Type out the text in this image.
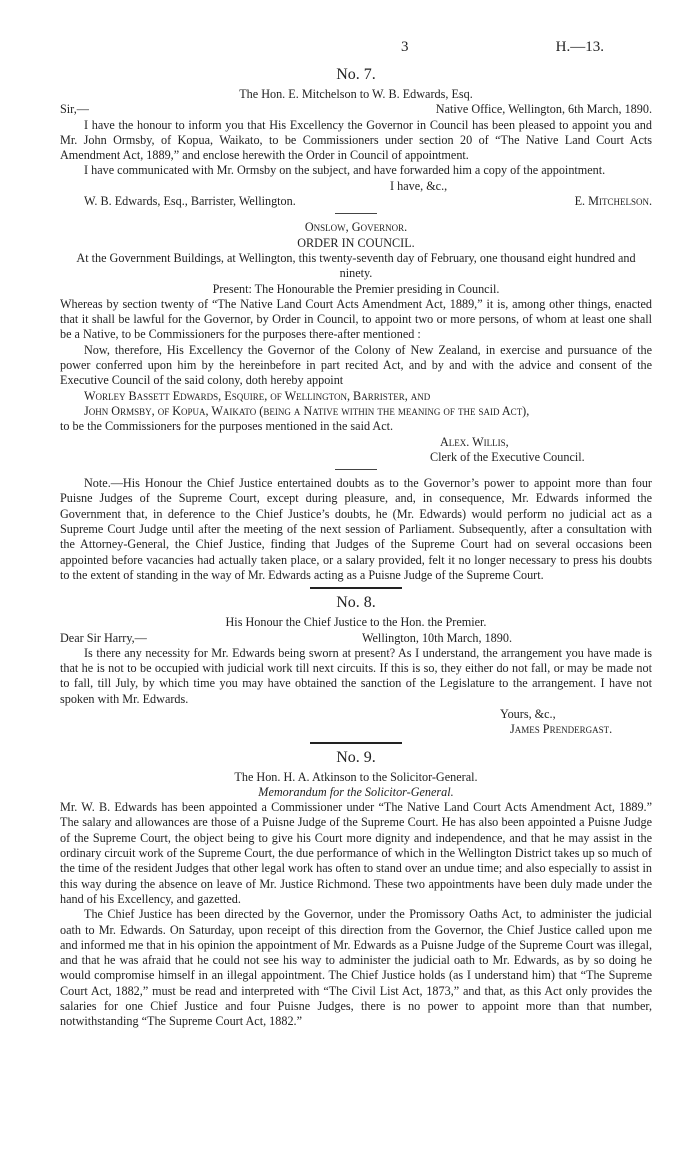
3	H.—13.
No. 7.

The Hon. E. Mitchelson to W. B. Edwards, Esq.

Sir,—	Native Office, Wellington, 6th March, 1890.

I have the honour to inform you that His Excellency the Governor in Council has been pleased to appoint you and Mr. John Ormsby, of Kopua, Waikato, to be Commissioners under section 20 of “The Native Land Court Acts Amendment Act, 1889,” and enclose herewith the Order in Council of appointment.

I have communicated with Mr. Ormsby on the subject, and have forwarded him a copy of the appointment.

I have, &c.,

W. B. Edwards, Esq., Barrister, Wellington.	E. Mitchelson.

Onslow, Governor.

ORDER IN COUNCIL.

At the Government Buildings, at Wellington, this twenty-seventh day of February, one thousand eight hundred and ninety.

Present: The Honourable the Premier presiding in Council.

Whereas by section twenty of “The Native Land Court Acts Amendment Act, 1889,” it is, among other things, enacted that it shall be lawful for the Governor, by Order in Council, to appoint two or more persons, of whom at least one shall be a Native, to be Commissioners for the purposes there-after mentioned :

Now, therefore, His Excellency the Governor of the Colony of New Zealand, in exercise and pursuance of the power conferred upon him by the hereinbefore in part recited Act, and by and with the advice and consent of the Executive Council of the said colony, doth hereby appoint

Worley Bassett Edwards, Esquire, of Wellington, Barrister, and

John Ormsby, of Kopua, Waikato (being a Native within the meaning of the said Act),

to be the Commissioners for the purposes mentioned in the said Act.

Alex. Willis,

Clerk of the Executive Council.

Note.—His Honour the Chief Justice entertained doubts as to the Governor’s power to appoint more than four Puisne Judges of the Supreme Court, except during pleasure, and, in consequence, Mr. Edwards informed the Government that, in deference to the Chief Justice’s doubts, he (Mr. Edwards) would perform no judicial act as a Supreme Court Judge until after the meeting of the next session of Parliament. Subsequently, after a consultation with the Attorney-General, the Chief Justice, finding that Judges of the Supreme Court had on several occasions been appointed before vacancies had actually taken place, or a salary provided, felt it no longer necessary to press his doubts to the extent of standing in the way of Mr. Edwards acting as a Puisne Judge of the Supreme Court.

No. 8.

His Honour the Chief Justice to the Hon. the Premier.

Dear Sir Harry,—	Wellington, 10th March, 1890.

Is there any necessity for Mr. Edwards being sworn at present? As I understand, the arrangement you have made is that he is not to be occupied with judicial work till next circuits. If this is so, they either do not fall, or may be made not to fall, till July, by which time you may have obtained the sanction of the Legislature to the arrangement. I have not spoken with Mr. Edwards.

Yours, &c.,

James Prendergast.

No. 9.

The Hon. H. A. Atkinson to the Solicitor-General.

Memorandum for the Solicitor-General.

Mr. W. B. Edwards has been appointed a Commissioner under “The Native Land Court Acts Amendment Act, 1889.” The salary and allowances are those of a Puisne Judge of the Supreme Court. He has also been appointed a Puisne Judge of the Supreme Court, the object being to give his Court more dignity and independence, and that he may assist in the ordinary circuit work of the Supreme Court, the due performance of which in the Wellington District takes up so much of the time of the resident Judges that other legal work has often to stand over an undue time; and also especially to assist in this way during the absence on leave of Mr. Justice Richmond. These two appointments have been duly made under the hand of his Excellency, and gazetted.

The Chief Justice has been directed by the Governor, under the Promissory Oaths Act, to administer the judicial oath to Mr. Edwards. On Saturday, upon receipt of this direction from the Governor, the Chief Justice called upon me and informed me that in his opinion the appointment of Mr. Edwards as a Puisne Judge of the Supreme Court was illegal, and that he was afraid that he could not see his way to administer the judicial oath to Mr. Edwards, as by so doing he would compromise himself in an illegal appointment. The Chief Justice holds (as I understand him) that “The Supreme Court Act, 1882,” must be read and interpreted with “The Civil List Act, 1873,” and that, as this Act only provides the salaries for one Chief Justice and four Puisne Judges, there is no power to appoint more than that number, notwithstanding “The Supreme Court Act, 1882.”
